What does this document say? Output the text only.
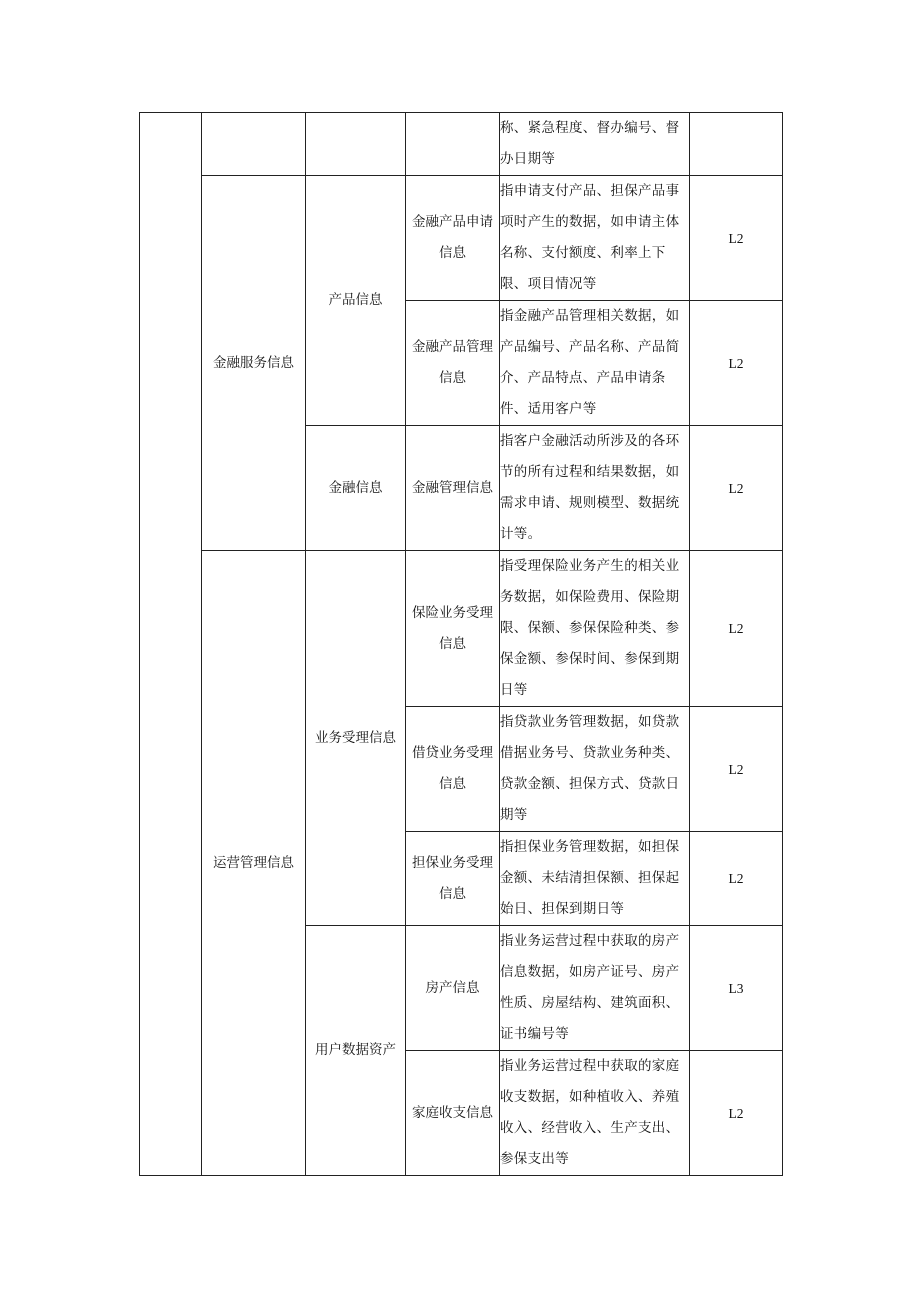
				称、紧急程度、督办编号、督办日期等	
	金融服务信息	产品信息	金融产品申请信息	指申请支付产品、担保产品事项时产生的数据，如申请主体名称、支付额度、利率上下限、项目情况等	L2
			金融产品管理信息	指金融产品管理相关数据，如产品编号、产品名称、产品简介、产品特点、产品申请条件、适用客户等	L2
		金融信息	金融管理信息	指客户金融活动所涉及的各环节的所有过程和结果数据，如需求申请、规则模型、数据统计等。	L2
	运营管理信息	业务受理信息	保险业务受理信息	指受理保险业务产生的相关业务数据，如保险费用、保险期限、保额、参保保险种类、参保金额、参保时间、参保到期日等	L2
			借贷业务受理信息	指贷款业务管理数据，如贷款借据业务号、贷款业务种类、贷款金额、担保方式、贷款日期等	L2
			担保业务受理信息	指担保业务管理数据，如担保金额、未结清担保额、担保起始日、担保到期日等	L2
		用户数据资产	房产信息	指业务运营过程中获取的房产信息数据，如房产证号、房产性质、房屋结构、建筑面积、证书编号等	L3
			家庭收支信息	指业务运营过程中获取的家庭收支数据，如种植收入、养殖收入、经营收入、生产支出、参保支出等	L2
